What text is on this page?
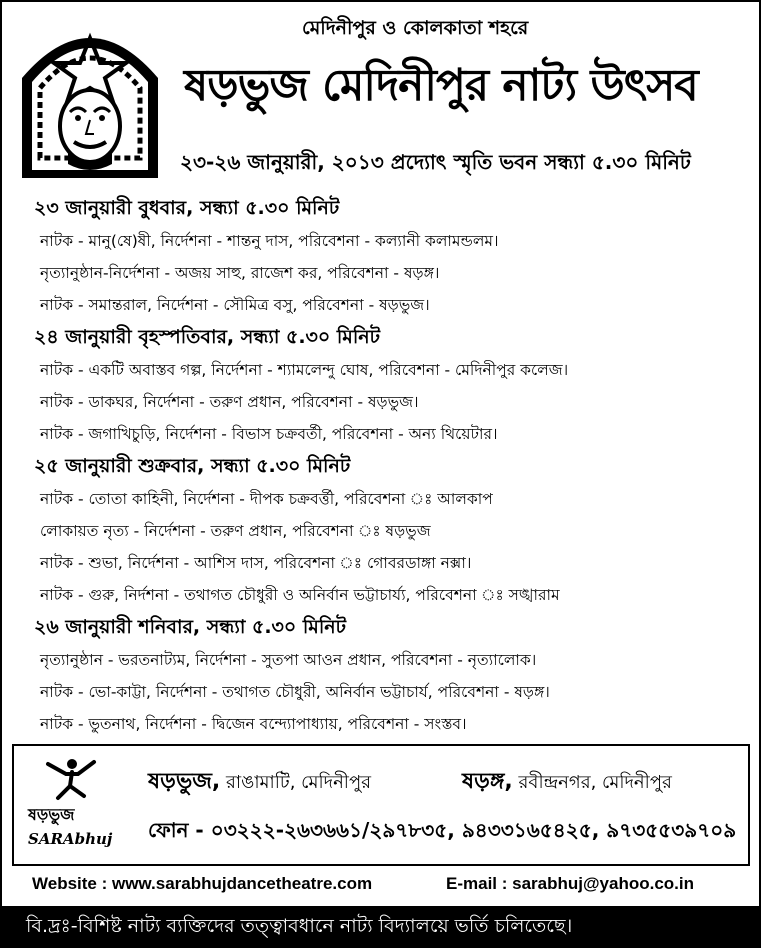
মেদিনীপুর ও কোলকাতা শহরে
ষড়ভুজ মেদিনীপুর নাট্য উৎসব
২৩-২৬ জানুয়ারী, ২০১৩ প্রদ্যোৎ স্মৃতি ভবন সন্ধ্যা ৫.৩০ মিনিট
২৩ জানুয়ারী বুধবার, সন্ধ্যা ৫.৩০ মিনিট
নাটক - মানু(ষে)ষী, নির্দেশনা - শান্তনু দাস, পরিবেশনা - কল্যানী কলামন্ডলম।
নৃত্যানুষ্ঠান-নির্দেশনা - অজয় সাহু, রাজেশ কর, পরিবেশনা - ষড়ঙ্গ।
নাটক - সমান্তরাল, নির্দেশনা - সৌমিত্র বসু, পরিবেশনা - ষড়ভুজ।
২৪ জানুয়ারী বৃহস্পতিবার, সন্ধ্যা ৫.৩০ মিনিট
নাটক - একটি অবাস্তব গল্প, নির্দেশনা - শ্যামলেন্দু ঘোষ, পরিবেশনা - মেদিনীপুর কলেজ।
নাটক - ডাকঘর, নির্দেশনা - তরুণ প্রধান, পরিবেশনা - ষড়ভুজ।
নাটক - জগাখিচুড়ি, নির্দেশনা - বিভাস চক্রবর্তী, পরিবেশনা - অন্য থিয়েটার।
২৫ জানুয়ারী শুক্রবার, সন্ধ্যা ৫.৩০ মিনিট
নাটক - তোতা কাহিনী, নির্দেশনা - দীপক চক্রবর্ত্তী, পরিবেশনা ঃ আলকাপ
লোকায়ত নৃত্য - নির্দেশনা - তরুণ প্রধান, পরিবেশনা ঃ ষড়ভুজ
নাটক - শুভা, নির্দেশনা - আশিস দাস, পরিবেশনা ঃ গোবরডাঙ্গা নক্সা।
নাটক - গুরু, নির্দশনা - তথাগত চৌধুরী ও অনির্বান ভট্টাচার্য্য, পরিবেশনা ঃ সঙ্খারাম
২৬ জানুয়ারী শনিবার, সন্ধ্যা ৫.৩০ মিনিট
নৃত্যানুষ্ঠান - ভরতনাট্যম, নির্দেশনা - সুতপা আওন প্রধান, পরিবেশনা - নৃত্যালোক।
নাটক - ভো-কাট্টা, নির্দেশনা - তথাগত চৌধুরী, অনির্বান ভট্টাচার্য, পরিবেশনা - ষড়ঙ্গ।
নাটক - ভুতনাথ, নির্দেশনা - দ্বিজেন বন্দ্যোপাধ্যায়, পরিবেশনা - সংস্তব।
ষড়ভুজ
SARAbhuj
ষড়ভুজ, রাঙামাটি, মেদিনীপুর	ষড়ঙ্গ, রবীন্দ্রনগর, মেদিনীপুর
ফোন - ০৩২২২-২৬৩৬৬১/২৯৭৮৩৫, ৯৪৩৩১৬৫৪২৫, ৯৭৩৫৫৩৯৭০৯
Website : www.sarabhujdancetheatre.com	E-mail : sarabhuj@yahoo.co.in
বি.দ্রঃ-বিশিষ্ট নাট্য ব্যক্তিদের তত্ত্বাবধানে নাট্য বিদ্যালয়ে ভর্তি চলিতেছে।
